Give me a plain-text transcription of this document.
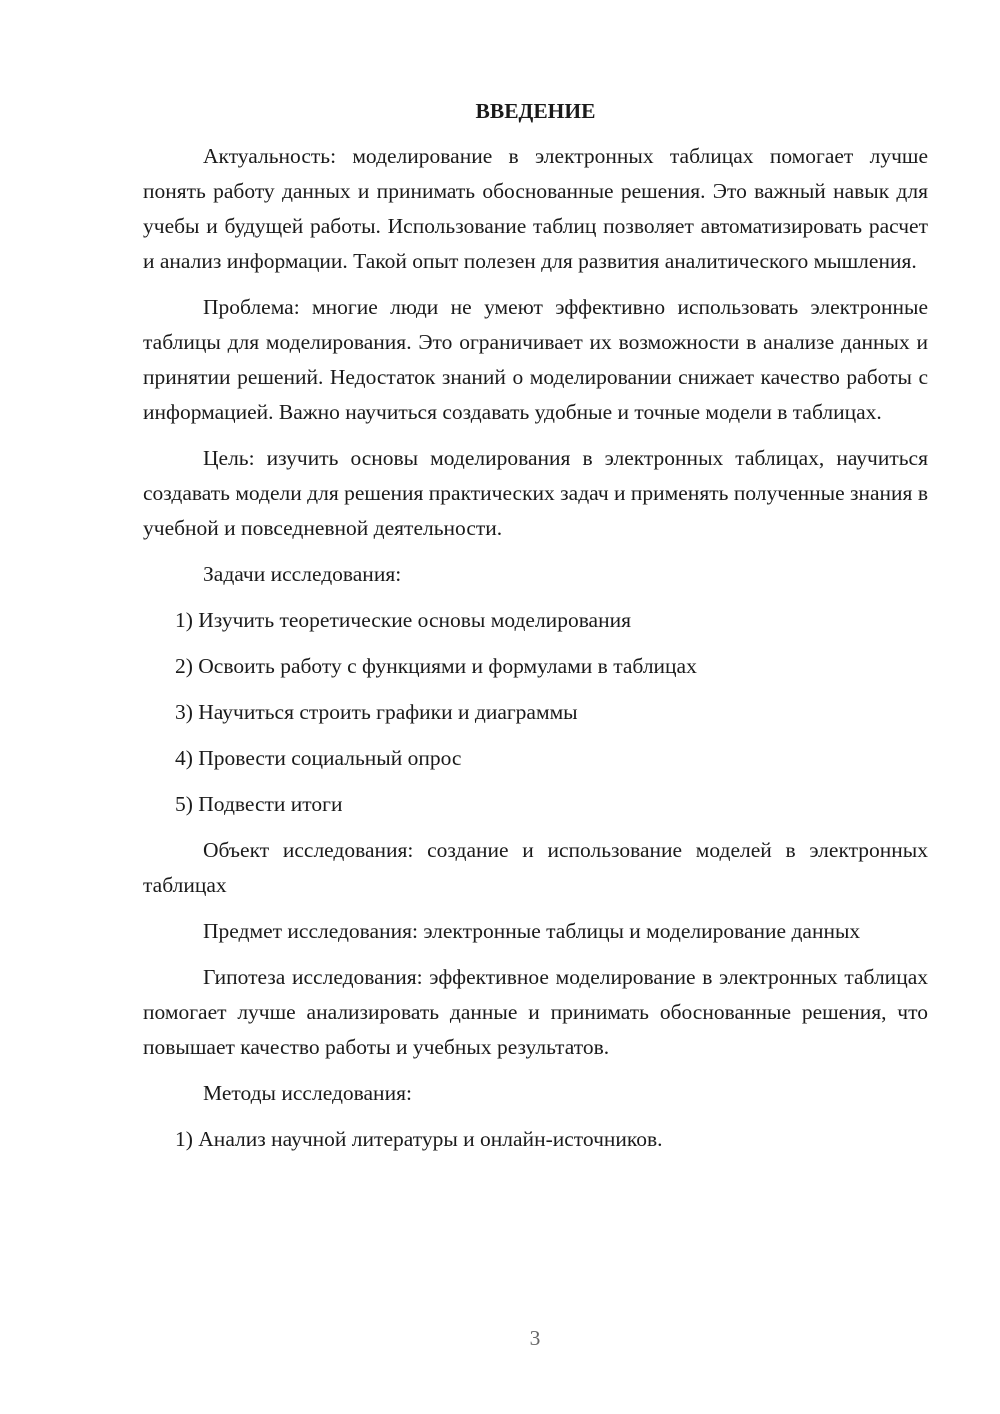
ВВЕДЕНИЕ

Актуальность: моделирование в электронных таблицах помогает лучше понять работу данных и принимать обоснованные решения. Это важный навык для учебы и будущей работы. Использование таблиц позволяет автоматизировать расчет и анализ информации. Такой опыт полезен для развития аналитического мышления.

Проблема: многие люди не умеют эффективно использовать электронные таблицы для моделирования. Это ограничивает их возможности в анализе данных и принятии решений. Недостаток знаний о моделировании снижает качество работы с информацией. Важно научиться создавать удобные и точные модели в таблицах.

Цель: изучить основы моделирования в электронных таблицах, научиться создавать модели для решения практических задач и применять полученные знания в учебной и повседневной деятельности.

Задачи исследования:

1) Изучить теоретические основы моделирования
2) Освоить работу с функциями и формулами в таблицах
3) Научиться строить графики и диаграммы
4) Провести социальный опрос
5) Подвести итоги

Объект исследования: создание и использование моделей в электронных таблицах

Предмет исследования: электронные таблицы и моделирование данных

Гипотеза исследования: эффективное моделирование в электронных таблицах помогает лучше анализировать данные и принимать обоснованные решения, что повышает качество работы и учебных результатов.

Методы исследования:

1) Анализ научной литературы и онлайн-источников.
3
